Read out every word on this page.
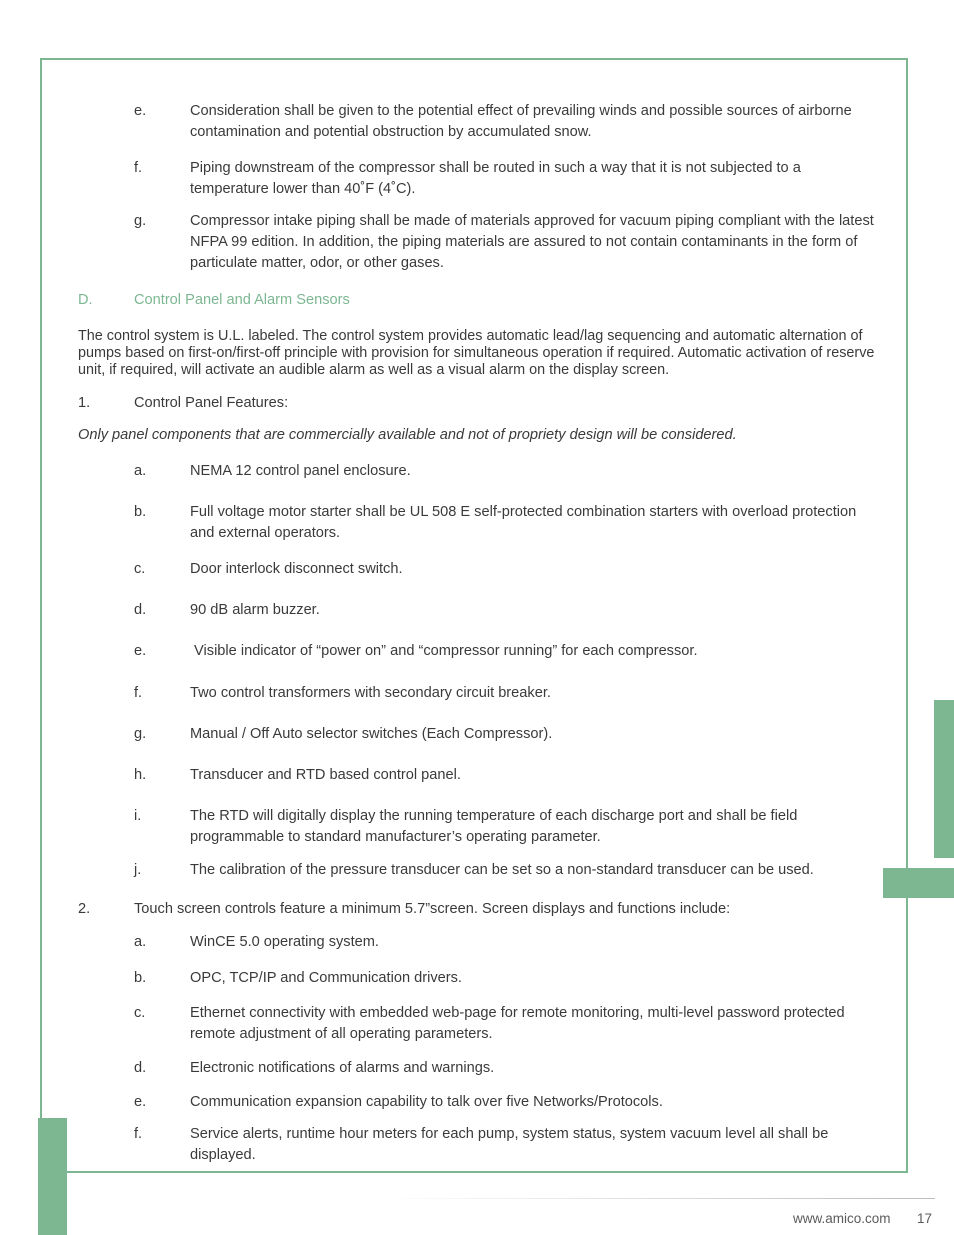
e.	Consideration shall be given to the potential effect of prevailing winds and possible sources of airborne contamination and potential obstruction by accumulated snow.

f.	Piping downstream of the compressor shall be routed in such a way that it is not subjected to a temperature lower than 40˚F (4˚C).

g.	Compressor intake piping shall be made of materials approved for vacuum piping compliant with the latest NFPA 99 edition. In addition, the piping materials are assured to not contain contaminants in the form of particulate matter, odor, or other gases.

D.	Control Panel and Alarm Sensors

The control system is U.L. labeled. The control system provides automatic lead/lag sequencing and automatic alternation of pumps based on first-on/first-off principle with provision for simultaneous operation if required. Automatic activation of reserve unit, if required, will activate an audible alarm as well as a visual alarm on the display screen.

1.	Control Panel Features:

Only panel components that are commercially available and not of propriety design will be considered.

a.	NEMA 12 control panel enclosure.

b.	Full voltage motor starter shall be UL 508 E self-protected combination starters with overload protection and external operators.

c.	Door interlock disconnect switch.

d.	90 dB alarm buzzer.

e.	Visible indicator of “power on” and “compressor running” for each compressor.

f.	Two control transformers with secondary circuit breaker.

g.	Manual / Off Auto selector switches (Each Compressor).

h.	Transducer and RTD based control panel.

i.	The RTD will digitally display the running temperature of each discharge port and shall be field programmable to standard manufacturer’s operating parameter.

j.	The calibration of the pressure transducer can be set so a non-standard transducer can be used.

2.	Touch screen controls feature a minimum 5.7”screen. Screen displays and functions include:

a.	WinCE 5.0 operating system.

b.	OPC, TCP/IP and Communication drivers.

c.	Ethernet connectivity with embedded web-page for remote monitoring, multi-level password protected remote adjustment of all operating parameters.

d.	Electronic notifications of alarms and warnings.

e.	Communication expansion capability to talk over five Networks/Protocols.

f.	Service alerts, runtime hour meters for each pump, system status, system vacuum level all shall be displayed.

www.amico.com 17
